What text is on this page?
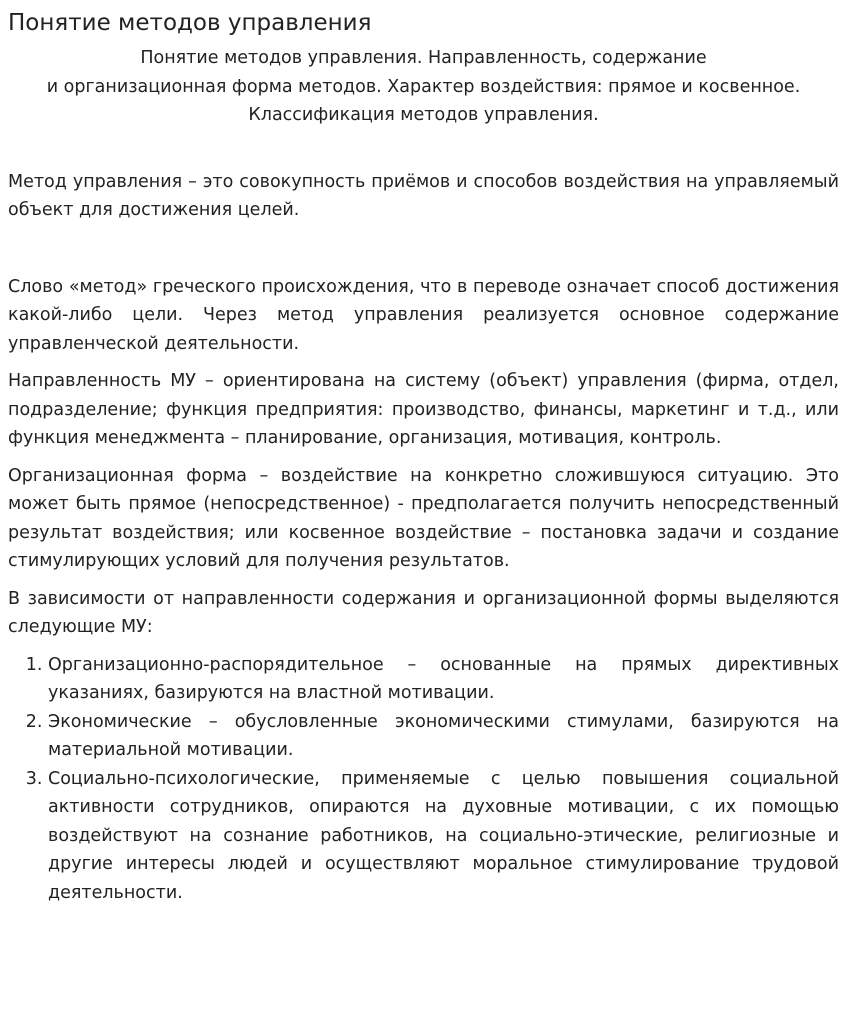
Понятие методов управления
Понятие методов управления. Направленность, содержание
и организационная форма методов. Характер воздействия: прямое и косвенное.
Классификация методов управления.

Метод управления – это совокупность приёмов и способов воздействия на управляемый объект для достижения целей.

Слово «метод» греческого происхождения, что в переводе означает способ достижения какой-либо цели. Через метод управления реализуется основное содержание управленческой деятельности.

Направленность МУ – ориентирована на систему (объект) управления (фирма, отдел, подразделение; функция предприятия: производство, финансы, маркетинг и т.д., или функция менеджмента – планирование, организация, мотивация, контроль.

Организационная форма – воздействие на конкретно сложившуюся ситуацию. Это может быть прямое (непосредственное) - предполагается получить непосредственный результат воздействия; или косвенное воздействие – постановка задачи и создание стимулирующих условий для получения результатов.

В зависимости от направленности содержания и организационной формы выделяются следующие МУ:

1. Организационно-распорядительное – основанные на прямых директивных указаниях, базируются на властной мотивации.
2. Экономические – обусловленные экономическими стимулами, базируются на материальной мотивации.
3. Социально-психологические, применяемые с целью повышения социальной активности сотрудников, опираются на духовные мотивации, с их помощью воздействуют на сознание работников, на социально-этические, религиозные и другие интересы людей и осуществляют моральное стимулирование трудовой деятельности.
